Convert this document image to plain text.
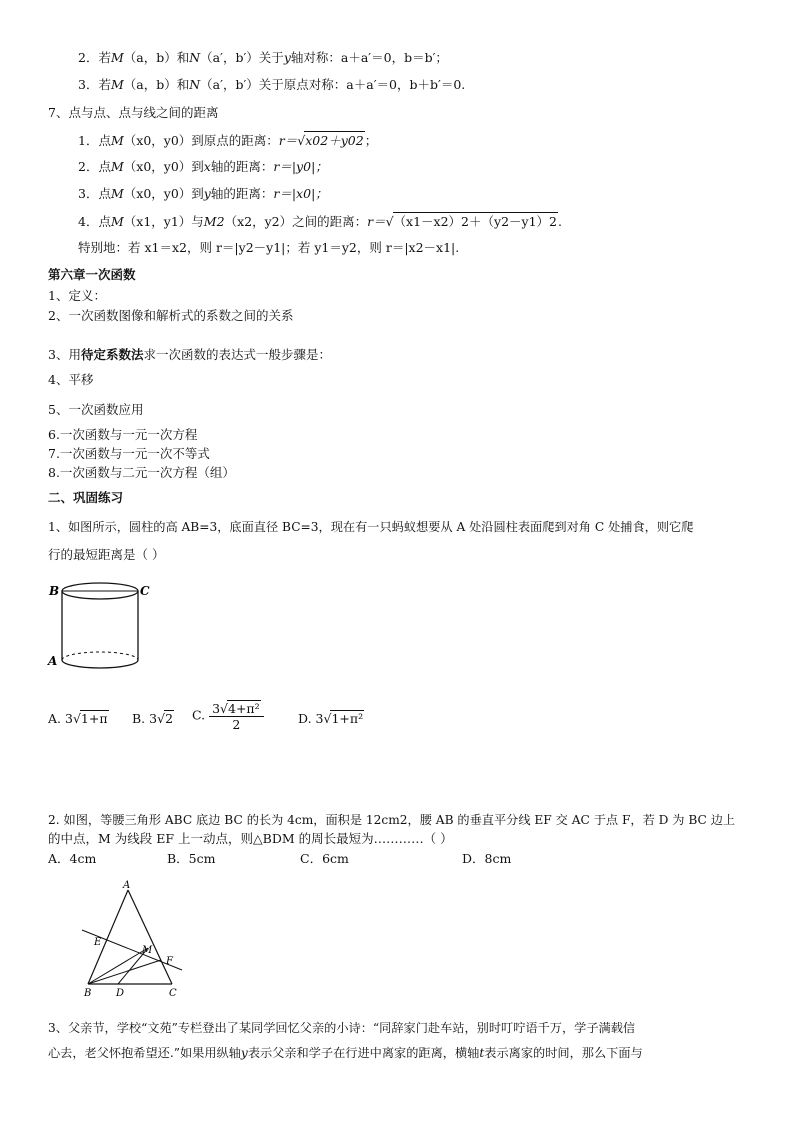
2．若M（a，b）和N（a′，b′）关于y轴对称：a＋a′＝0，b＝b′；
3．若M（a，b）和N（a′，b′）关于原点对称：a＋a′＝0，b＋b′＝0.
7、点与点、点与线之间的距离
1．点M（x0，y0）到原点的距离：r＝√x02＋y02；
2．点M（x0，y0）到x轴的距离：r＝|y0|；
3．点M（x0，y0）到y轴的距离：r＝|x0|；
4．点M（x1，y1）与M2（x2，y2）之间的距离：r＝√（x1－x2）2＋（y2－y1）2.
特别地：若 x1＝x2，则 r＝|y2－y1|；若 y1＝y2，则 r＝|x2－x1|.
第六章一次函数
1、定义：
2、一次函数图像和解析式的系数之间的关系
3、用待定系数法求一次函数的表达式一般步骤是：
4、平移
5、一次函数应用
6.一次函数与一元一次方程
7.一次函数与一元一次不等式
8.一次函数与二元一次方程（组）
二、巩固练习
1、如图所示，圆柱的高 AB=3，底面直径 BC=3，现在有一只蚂蚁想要从 A 处沿圆柱表面爬到对角 C 处捕食，则它爬
行的最短距离是（ ）
B	C
A
A. 3√1+π B. 3√2 C. $\frac{\text{3√4+π²}}{2}$	D. 3√1+π²
2. 如图，等腰三角形 ABC 底边 BC 的长为 4cm，面积是 12cm2，腰 AB 的垂直平分线 EF 交 AC 于点 F，若 D 为 BC 边上
的中点，M 为线段 EF 上一动点，则△BDM 的周长最短为…………（ ）
A．4cm	B．5cm	C．6cm	D．8cm
A
E
M
F
B D	C
3、父亲节，学校“文苑”专栏登出了某同学回忆父亲的小诗：“同辞家门赴车站，别时叮咛语千万，学子满载信
心去，老父怀抱希望还.”如果用纵轴y表示父亲和学子在行进中离家的距离，横轴t表示离家的时间，那么下面与
